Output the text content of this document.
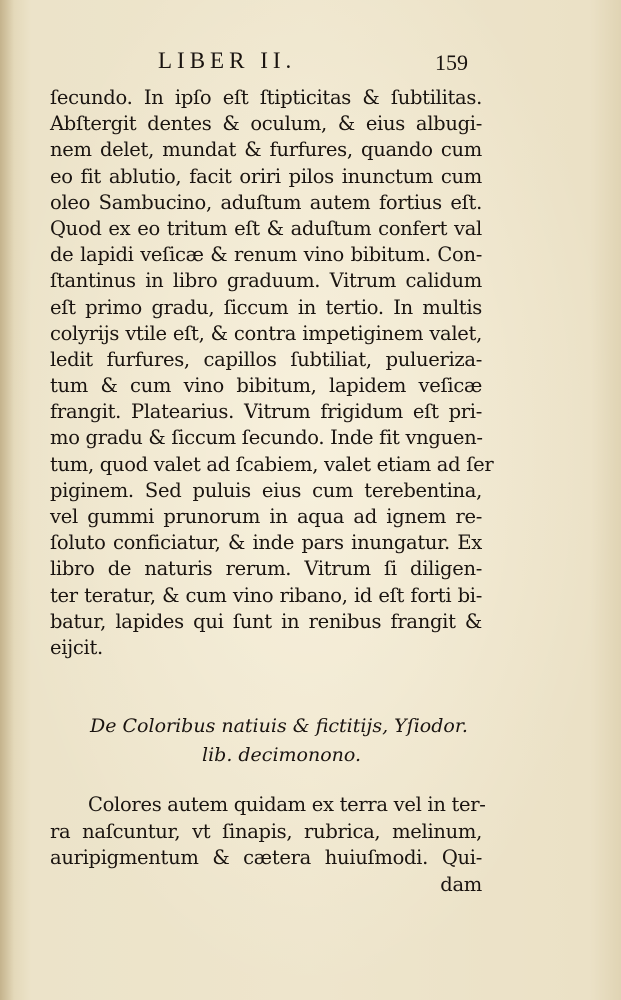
LIBER II.	159
ſecundo. In ipſo eſt ſtipticitas & ſubtilitas.
Abſtergit dentes & oculum, & eius albugi-
nem delet, mundat & furfures, quando cum
eo fit ablutio, facit oriri pilos inunctum cum
oleo Sambucino, aduſtum autem fortius eſt.
Quod ex eo tritum eſt & aduſtum confert val
de lapidi veſicæ & renum vino bibitum. Con-
ſtantinus in libro graduum. Vitrum calidum
eſt primo gradu, ſiccum in tertio. In multis
colyrijs vtile eſt, & contra impetiginem valet,
ledit furfures, capillos ſubtiliat, puluerizа-
tum & cum vino bibitum, lapidem veſicæ
frangit. Platearius. Vitrum frigidum eſt pri-
mo gradu & ſiccum ſecundo. Inde fit vnguen-
tum, quod valet ad ſcabiem, valet etiam ad ſer
piginem. Sed puluis eius cum terebentina,
vel gummi prunorum in aqua ad ignem re-
ſoluto conficiatur, & inde pars inungatur. Ex
libro de naturis rerum. Vitrum ſi diligen-
ter teratur, & cum vino ribano, id eſt forti bi-
batur, lapides qui ſunt in renibus frangit &
eijcit.
De Coloribus natiuis & fictitijs, Yſiodor.
lib. decimonono.
Colores autem quidam ex terra vel in ter-
ra naſcuntur, vt ſinapis, rubrica, melinum,
auripigmentum & cætera huiuſmodi. Qui-
dam
